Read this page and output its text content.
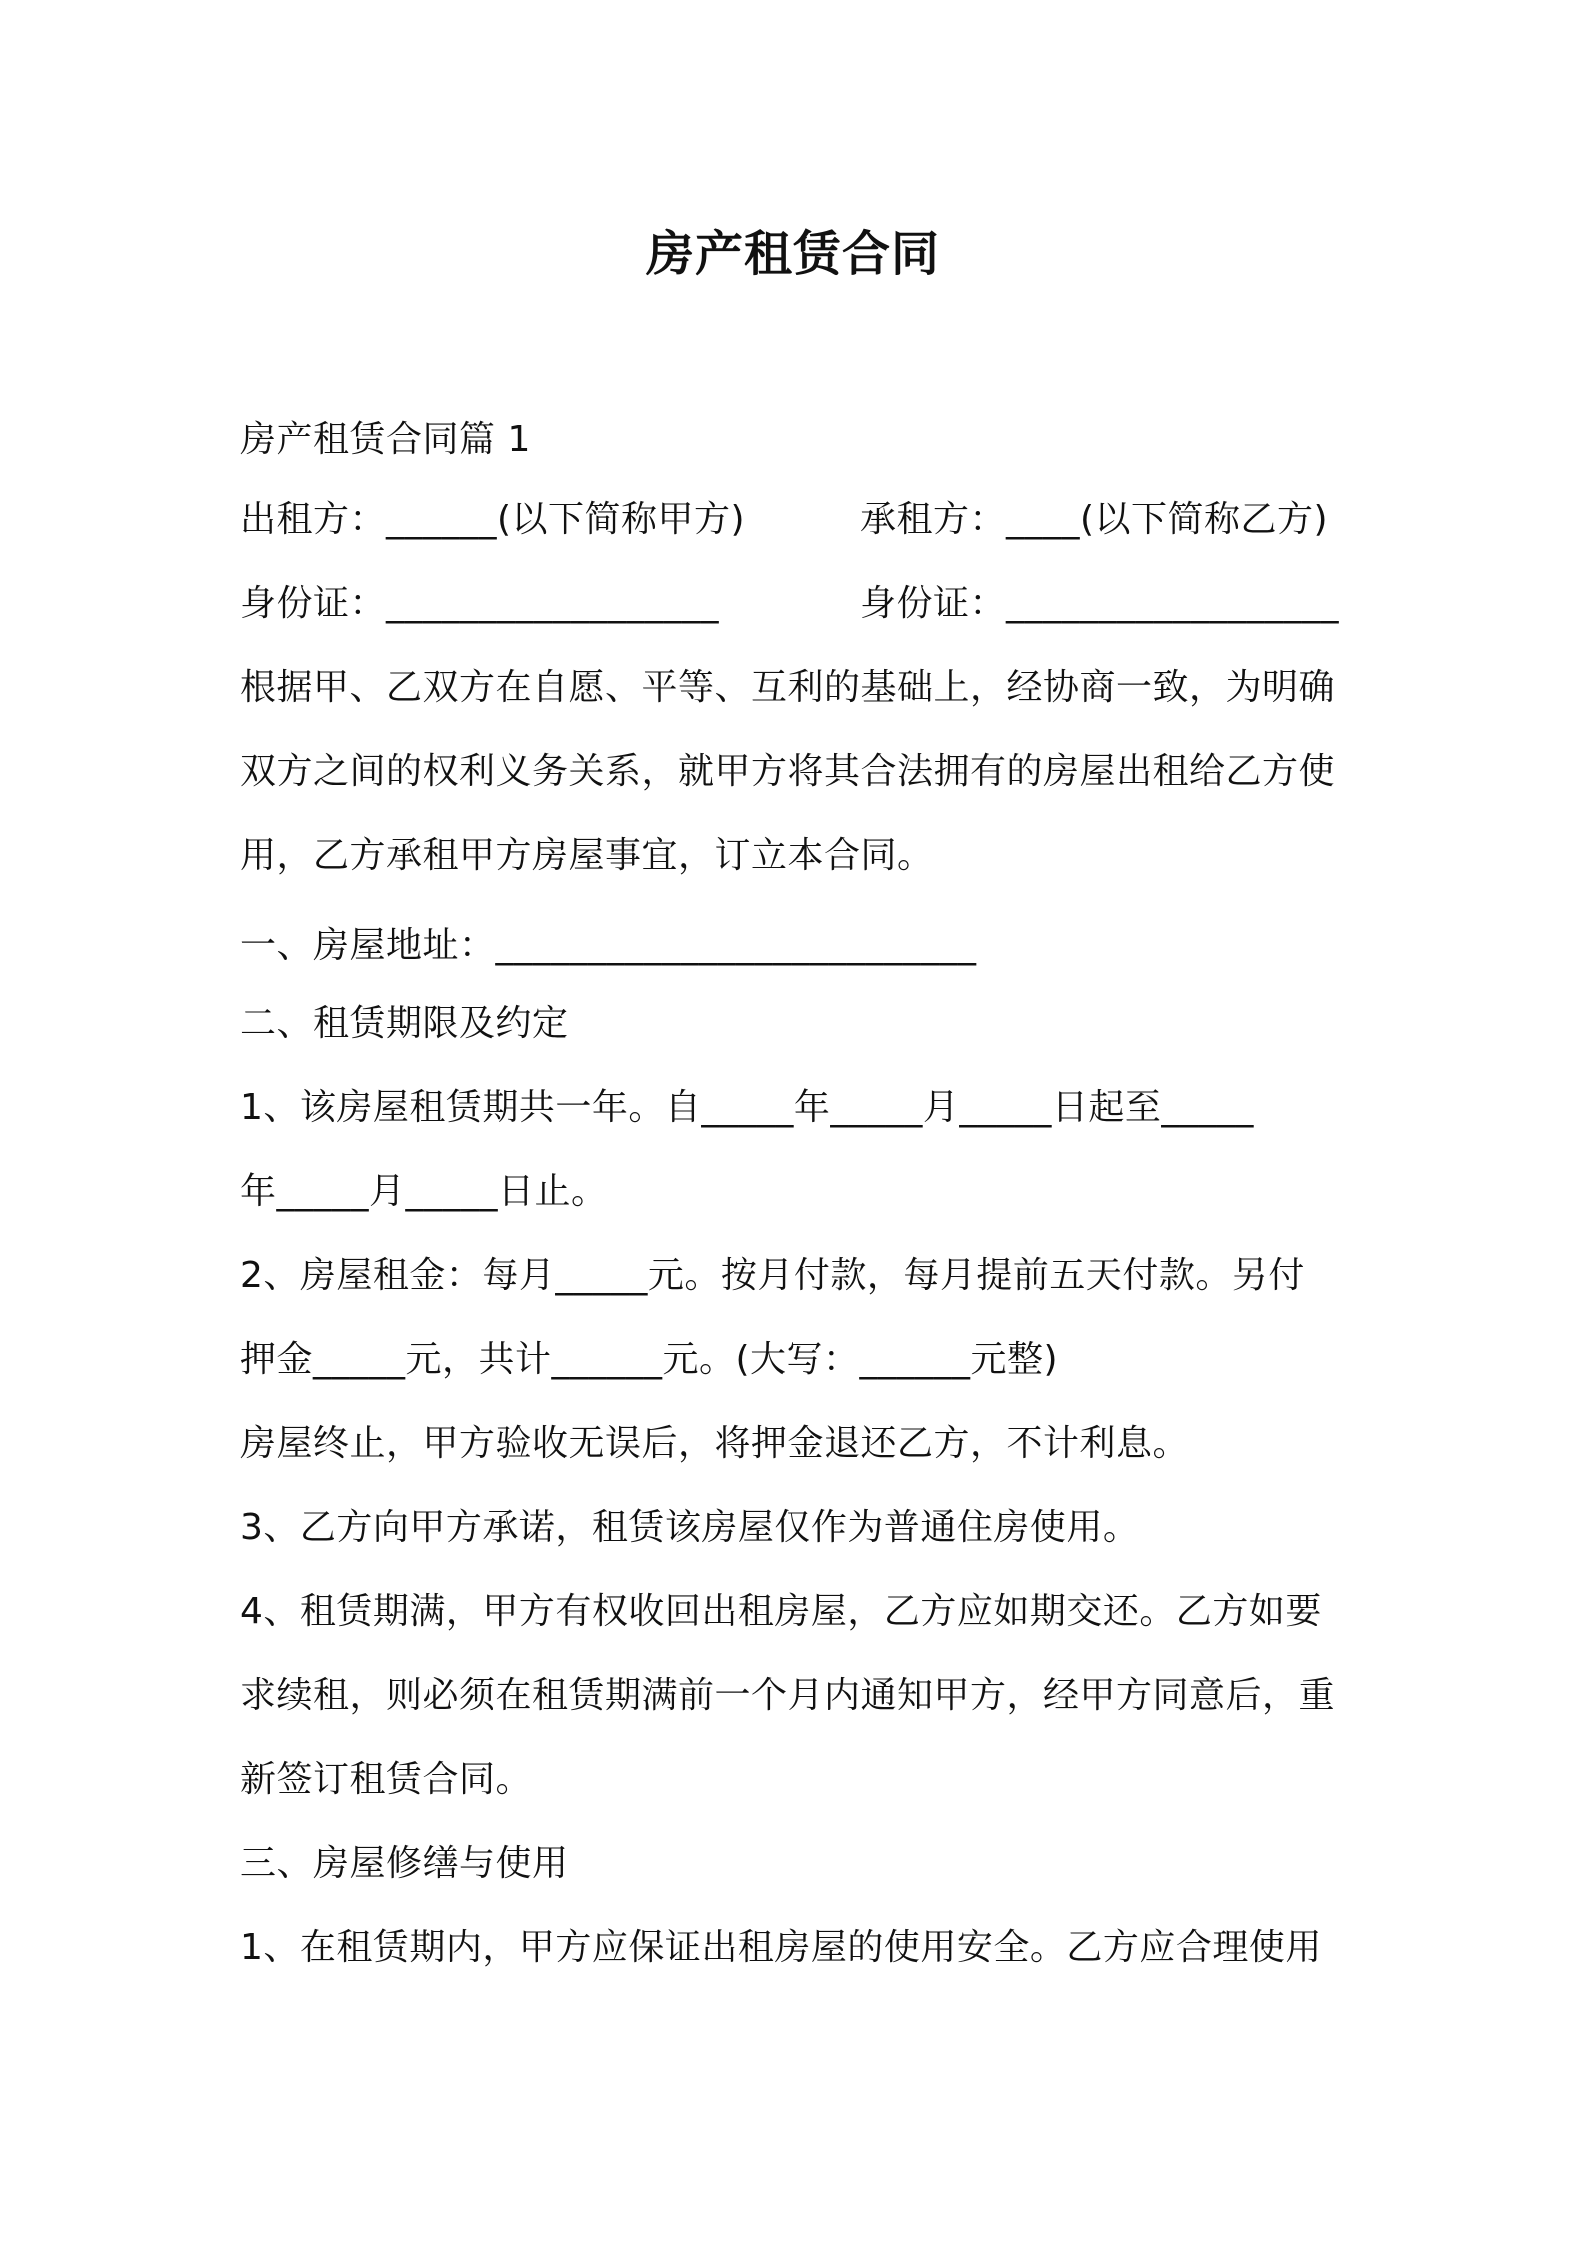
房产租赁合同
房产租赁合同篇 1
出租方：______(以下简称甲方)	承租方：____(以下简称乙方)
身份证：__________________	身份证：__________________
根据甲、乙双方在自愿、平等、互利的基础上，经协商一致，为明确
双方之间的权利义务关系，就甲方将其合法拥有的房屋出租给乙方使
用，乙方承租甲方房屋事宜，订立本合同。
一、房屋地址：__________________________
二、租赁期限及约定
1、该房屋租赁期共一年。自_____年_____月_____日起至_____
年_____月_____日止。
2、房屋租金：每月_____元。按月付款，每月提前五天付款。另付
押金_____元，共计______元。(大写：______元整)
房屋终止，甲方验收无误后，将押金退还乙方，不计利息。
3、乙方向甲方承诺，租赁该房屋仅作为普通住房使用。
4、租赁期满，甲方有权收回出租房屋，乙方应如期交还。乙方如要
求续租，则必须在租赁期满前一个月内通知甲方，经甲方同意后，重
新签订租赁合同。
三、房屋修缮与使用
1、在租赁期内，甲方应保证出租房屋的使用安全。乙方应合理使用
